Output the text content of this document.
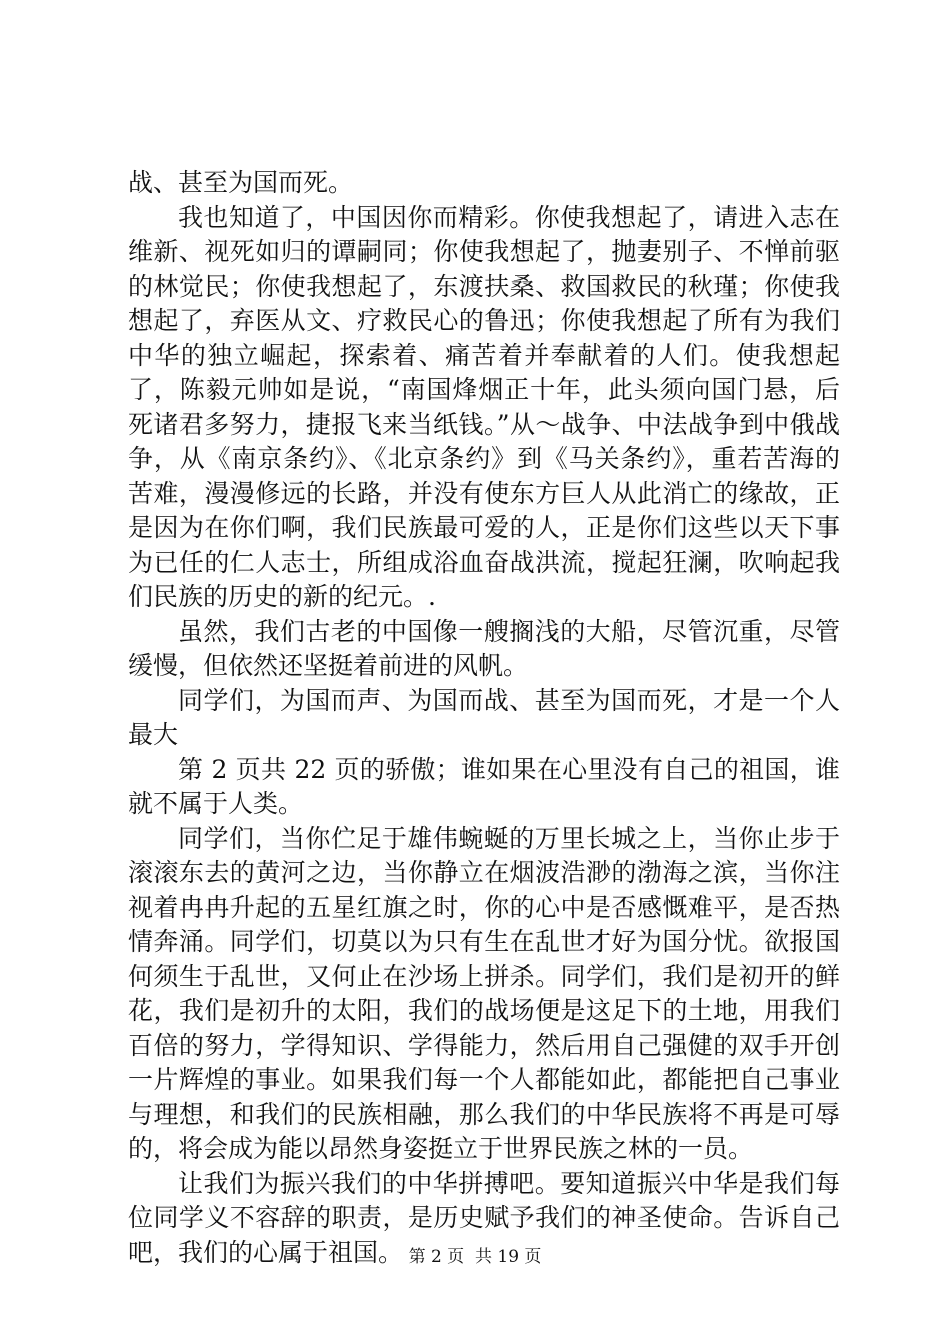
战、甚至为国而死。

我也知道了，中国因你而精彩。你使我想起了，请进入志在维新、视死如归的谭嗣同；你使我想起了，抛妻别子、不惮前驱的林觉民；你使我想起了，东渡扶桑、救国救民的秋瑾；你使我想起了，弃医从文、疗救民心的鲁迅；你使我想起了所有为我们中华的独立崛起，探索着、痛苦着并奉献着的人们。使我想起了，陈毅元帅如是说，“南国烽烟正十年，此头须向国门悬，后死诸君多努力，捷报飞来当纸钱。”从～战争、中法战争到中俄战争，从《南京条约》、《北京条约》到《马关条约》，重若苦海的苦难，漫漫修远的长路，并没有使东方巨人从此消亡的缘故，正是因为在你们啊，我们民族最可爱的人，正是你们这些以天下事为已任的仁人志士，所组成浴血奋战洪流，搅起狂澜，吹响起我们民族的历史的新的纪元。.

虽然，我们古老的中国像一艘搁浅的大船，尽管沉重，尽管缓慢，但依然还坚挺着前进的风帆。

同学们，为国而声、为国而战、甚至为国而死，才是一个人最大

第 2 页共 22 页的骄傲；谁如果在心里没有自己的祖国，谁就不属于人类。

同学们，当你伫足于雄伟蜿蜒的万里长城之上，当你止步于滚滚东去的黄河之边，当你静立在烟波浩渺的渤海之滨，当你注视着冉冉升起的五星红旗之时，你的心中是否感慨难平，是否热情奔涌。同学们，切莫以为只有生在乱世才好为国分忧。欲报国何须生于乱世，又何止在沙场上拼杀。同学们，我们是初开的鲜花，我们是初升的太阳，我们的战场便是这足下的土地，用我们百倍的努力，学得知识、学得能力，然后用自己强健的双手开创一片辉煌的事业。如果我们每一个人都能如此，都能把自己事业与理想，和我们的民族相融，那么我们的中华民族将不再是可辱的，将会成为能以昂然身姿挺立于世界民族之林的一员。

让我们为振兴我们的中华拼搏吧。要知道振兴中华是我们每位同学义不容辞的职责，是历史赋予我们的神圣使命。告诉自己吧，我们的心属于祖国。 第 2 页  共 19 页
